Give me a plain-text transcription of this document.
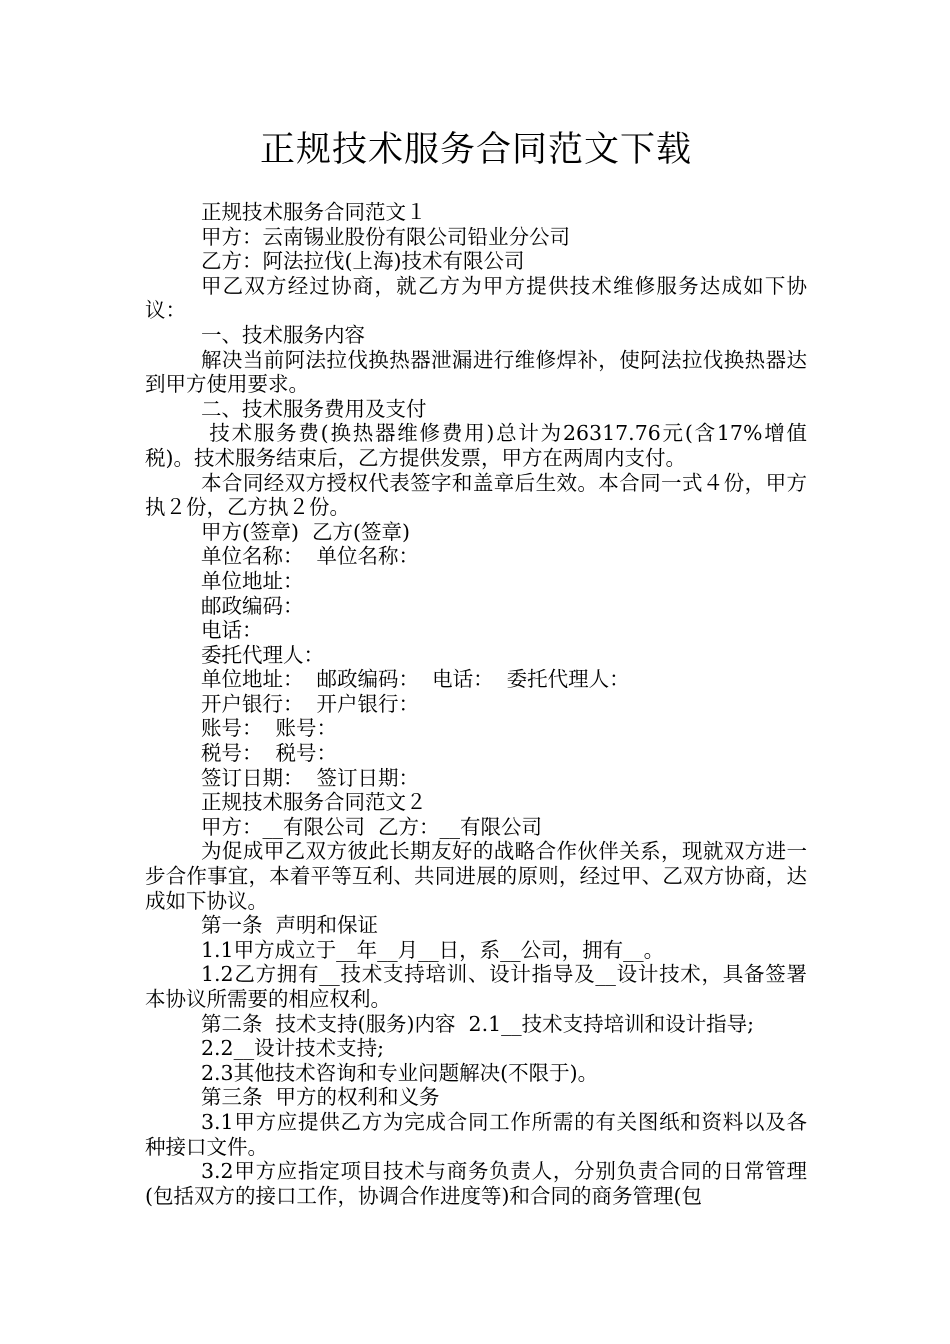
正规技术服务合同范文下载

正规技术服务合同范文１

甲方：云南锡业股份有限公司铅业分公司

乙方：阿法拉伐(上海)技术有限公司

甲乙双方经过协商，就乙方为甲方提供技术维修服务达成如下协议：

一、技术服务内容

解决当前阿法拉伐换热器泄漏进行维修焊补，使阿法拉伐换热器达到甲方使用要求。

二、技术服务费用及支付

技术服务费(换热器维修费用)总计为26317.76元(含17%增值税)。技术服务结束后，乙方提供发票，甲方在两周内支付。

本合同经双方授权代表签字和盖章后生效。本合同一式４份，甲方执２份，乙方执２份。

甲方(签章)  乙方(签章)

单位名称：  单位名称：

单位地址：

邮政编码：

电话：

委托代理人：

单位地址：  邮政编码：  电话：  委托代理人：

开户银行：  开户银行：

账号：  账号：

税号：  税号：

签订日期：  签订日期：

正规技术服务合同范文２

甲方：__有限公司  乙方：__有限公司

为促成甲乙双方彼此长期友好的战略合作伙伴关系，现就双方进一步合作事宜，本着平等互利、共同进展的原则，经过甲、乙双方协商，达成如下协议。

第一条  声明和保证

1.1甲方成立于__年__月__日，系__公司，拥有__。

1.2乙方拥有__技术支持培训、设计指导及__设计技术，具备签署本协议所需要的相应权利。

第二条  技术支持(服务)内容  2.1__技术支持培训和设计指导;

2.2__设计技术支持;

2.3其他技术咨询和专业问题解决(不限于)。

第三条  甲方的权利和义务

3.1甲方应提供乙方为完成合同工作所需的有关图纸和资料以及各种接口文件。

3.2甲方应指定项目技术与商务负责人，分别负责合同的日常管理(包括双方的接口工作，协调合作进度等)和合同的商务管理(包
